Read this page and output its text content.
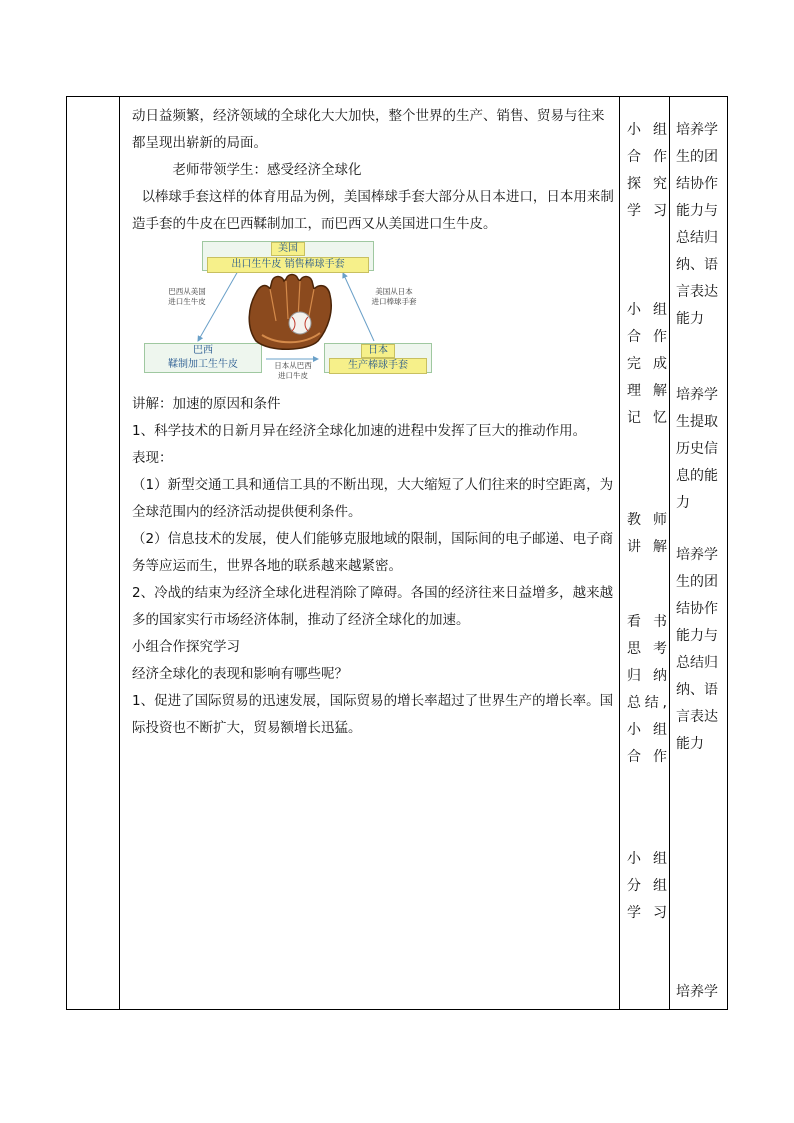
动日益频繁，经济领域的全球化大大加快，整个世界的生产、销售、贸易与往来都呈现出崭新的局面。

老师带领学生：感受经济全球化

以棒球手套这样的体育用品为例，美国棒球手套大部分从日本进口，日本用来制造手套的牛皮在巴西鞣制加工，而巴西又从美国进口生牛皮。

美国
出口生牛皮 销售棒球手套
巴西
鞣制加工生牛皮
日本
生产棒球手套
巴西从美国
进口生牛皮
美国从日本
进口棒球手套
日本从巴西
进口牛皮

讲解：加速的原因和条件

1、科学技术的日新月异在经济全球化加速的进程中发挥了巨大的推动作用。

表现：

（1）新型交通工具和通信工具的不断出现，大大缩短了人们往来的时空距离，为全球范围内的经济活动提供便利条件。

（2）信息技术的发展，使人们能够克服地域的限制，国际间的电子邮递、电子商务等应运而生，世界各地的联系越来越紧密。

2、冷战的结束为经济全球化进程消除了障碍。各国的经济往来日益增多，越来越多的国家实行市场经济体制，推动了经济全球化的加速。

小组合作探究学习

经济全球化的表现和影响有哪些呢？

1、促进了国际贸易的迅速发展，国际贸易的增长率超过了世界生产的增长率。国际投资也不断扩大，贸易额增长迅猛。

小 组
合 作
探 究
学习
小 组
合 作
完成
理 解
记忆
教 师
讲解
看 书
思 考
归 纳
总结,
小 组
合作
小 组
分 组
学习
培养学
生的团
结协作
能力与
总结归
纳、语
言表达
能力
培养学
生提取
历史信
息的能
力
培养学
生的团
结协作
能力与
总结归
纳、语
言表达
能力
培养学
